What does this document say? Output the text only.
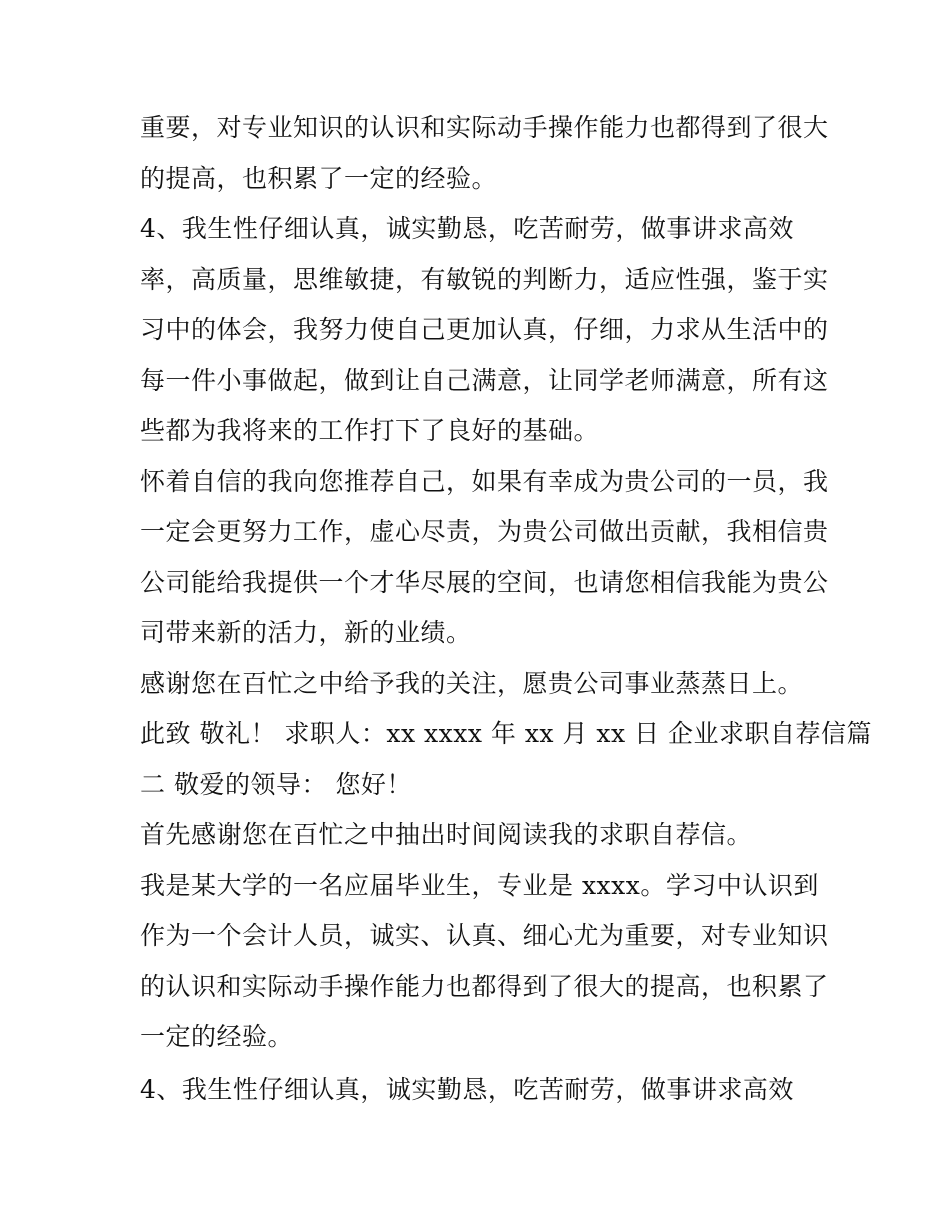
重要，对专业知识的认识和实际动手操作能力也都得到了很大
的提高，也积累了一定的经验。
4、我生性仔细认真，诚实勤恳，吃苦耐劳，做事讲求高效
率，高质量，思维敏捷，有敏锐的判断力，适应性强，鉴于实
习中的体会，我努力使自己更加认真，仔细，力求从生活中的
每一件小事做起，做到让自己满意，让同学老师满意，所有这
些都为我将来的工作打下了良好的基础。
怀着自信的我向您推荐自己，如果有幸成为贵公司的一员，我
一定会更努力工作，虚心尽责，为贵公司做出贡献，我相信贵
公司能给我提供一个才华尽展的空间，也请您相信我能为贵公
司带来新的活力，新的业绩。
感谢您在百忙之中给予我的关注，愿贵公司事业蒸蒸日上。
此致 敬礼！ 求职人：xx xxxx 年 xx 月 xx 日 企业求职自荐信篇
二 敬爱的领导： 您好！
首先感谢您在百忙之中抽出时间阅读我的求职自荐信。
我是某大学的一名应届毕业生，专业是 xxxx。学习中认识到
作为一个会计人员，诚实、认真、细心尤为重要，对专业知识
的认识和实际动手操作能力也都得到了很大的提高，也积累了
一定的经验。
4、我生性仔细认真，诚实勤恳，吃苦耐劳，做事讲求高效
